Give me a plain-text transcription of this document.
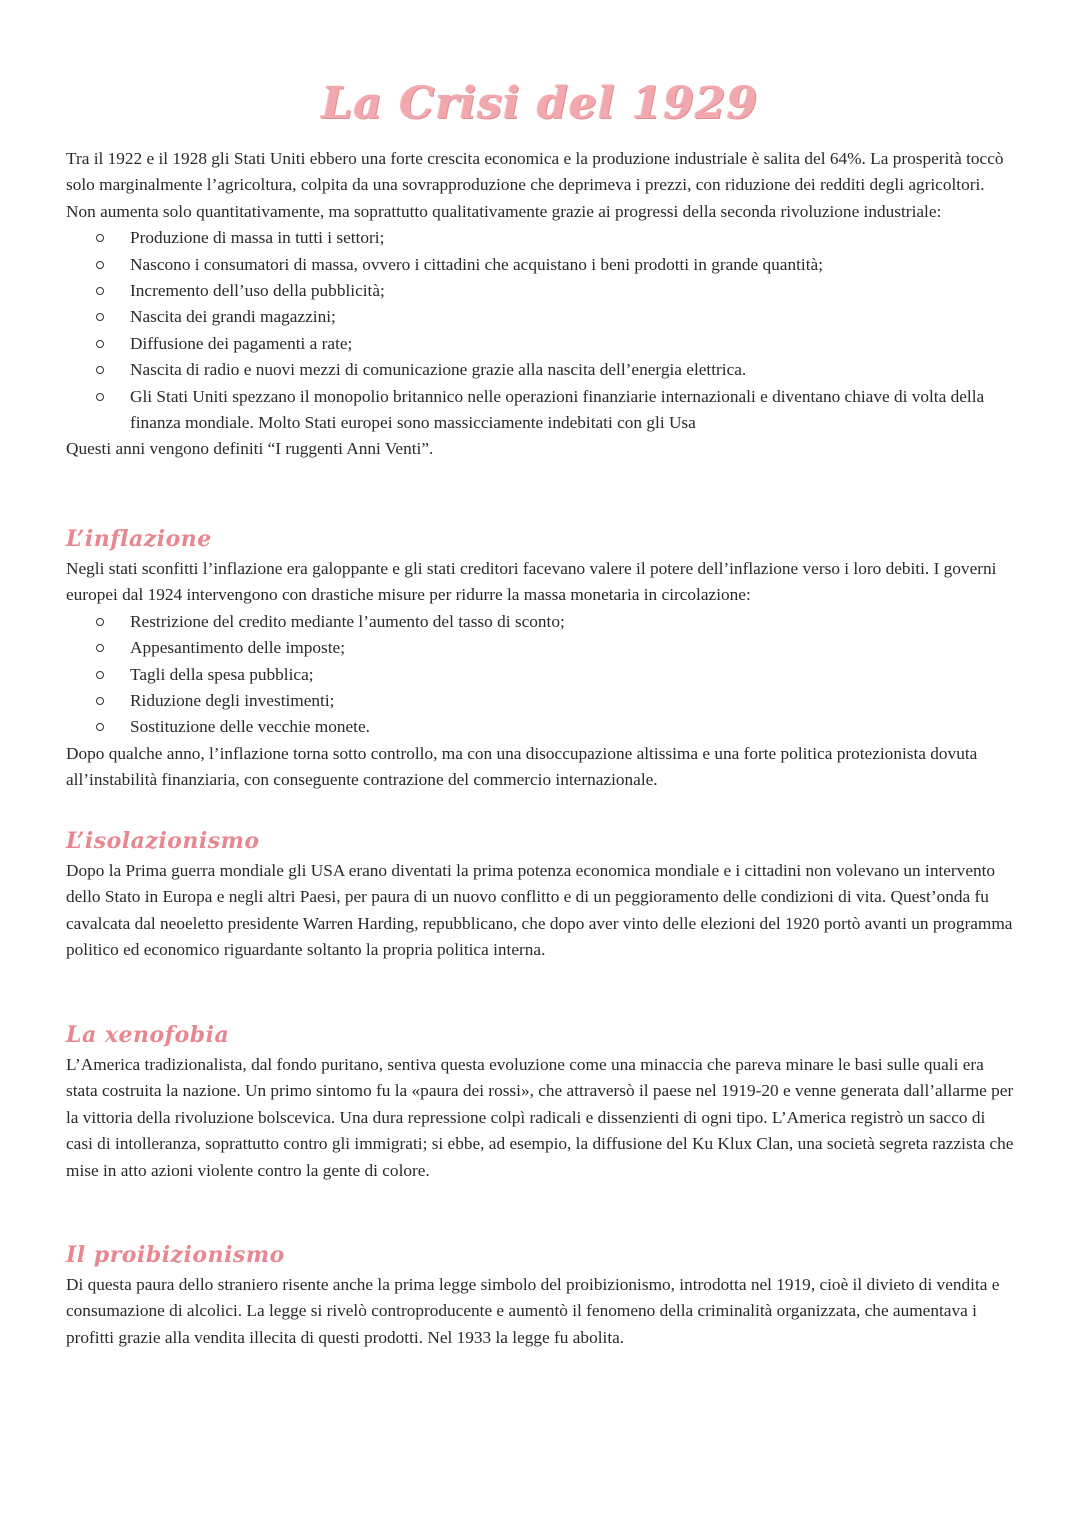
La Crisi del 1929

Tra il 1922 e il 1928 gli Stati Uniti ebbero una forte crescita economica e la produzione industriale è salita del 64%. La prosperità toccò solo marginalmente l’agricoltura, colpita da una sovrapproduzione che deprimeva i prezzi, con riduzione dei redditi degli agricoltori. Non aumenta solo quantitativamente, ma soprattutto qualitativamente grazie ai progressi della seconda rivoluzione industriale:

Produzione di massa in tutti i settori;
Nascono i consumatori di massa, ovvero i cittadini che acquistano i beni prodotti in grande quantità;
Incremento dell’uso della pubblicità;
Nascita dei grandi magazzini;
Diffusione dei pagamenti a rate;
Nascita di radio e nuovi mezzi di comunicazione grazie alla nascita dell’energia elettrica.
Gli Stati Uniti spezzano il monopolio britannico nelle operazioni finanziarie internazionali e diventano chiave di volta della finanza mondiale. Molto Stati europei sono massicciamente indebitati con gli Usa

Questi anni vengono definiti “I ruggenti Anni Venti”.

L’inflazione

Negli stati sconfitti l’inflazione era galoppante e gli stati creditori facevano valere il potere dell’inflazione verso i loro debiti. I governi europei dal 1924 intervengono con drastiche misure per ridurre la massa monetaria in circolazione:

Restrizione del credito mediante l’aumento del tasso di sconto;
Appesantimento delle imposte;
Tagli della spesa pubblica;
Riduzione degli investimenti;
Sostituzione delle vecchie monete.

Dopo qualche anno, l’inflazione torna sotto controllo, ma con una disoccupazione altissima e una forte politica protezionista dovuta all’instabilità finanziaria, con conseguente contrazione del commercio internazionale.

L’isolazionismo

Dopo la Prima guerra mondiale gli USA erano diventati la prima potenza economica mondiale e i cittadini non volevano un intervento dello Stato in Europa e negli altri Paesi, per paura di un nuovo conflitto e di un peggioramento delle condizioni di vita. Quest’onda fu cavalcata dal neoeletto presidente Warren Harding, repubblicano, che dopo aver vinto delle elezioni del 1920 portò avanti un programma politico ed economico riguardante soltanto la propria politica interna.

La xenofobia

L’America tradizionalista, dal fondo puritano, sentiva questa evoluzione come una minaccia che pareva minare le basi sulle quali era stata costruita la nazione. Un primo sintomo fu la «paura dei rossi», che attraversò il paese nel 1919-20 e venne generata dall’allarme per la vittoria della rivoluzione bolscevica. Una dura repressione colpì radicali e dissenzienti di ogni tipo. L’America registrò un sacco di casi di intolleranza, soprattutto contro gli immigrati; si ebbe, ad esempio, la diffusione del Ku Klux Clan, una società segreta razzista che mise in atto azioni violente contro la gente di colore.

Il proibizionismo

Di questa paura dello straniero risente anche la prima legge simbolo del proibizionismo, introdotta nel 1919, cioè il divieto di vendita e consumazione di alcolici. La legge si rivelò controproducente e aumentò il fenomeno della criminalità organizzata, che aumentava i profitti grazie alla vendita illecita di questi prodotti. Nel 1933 la legge fu abolita.
